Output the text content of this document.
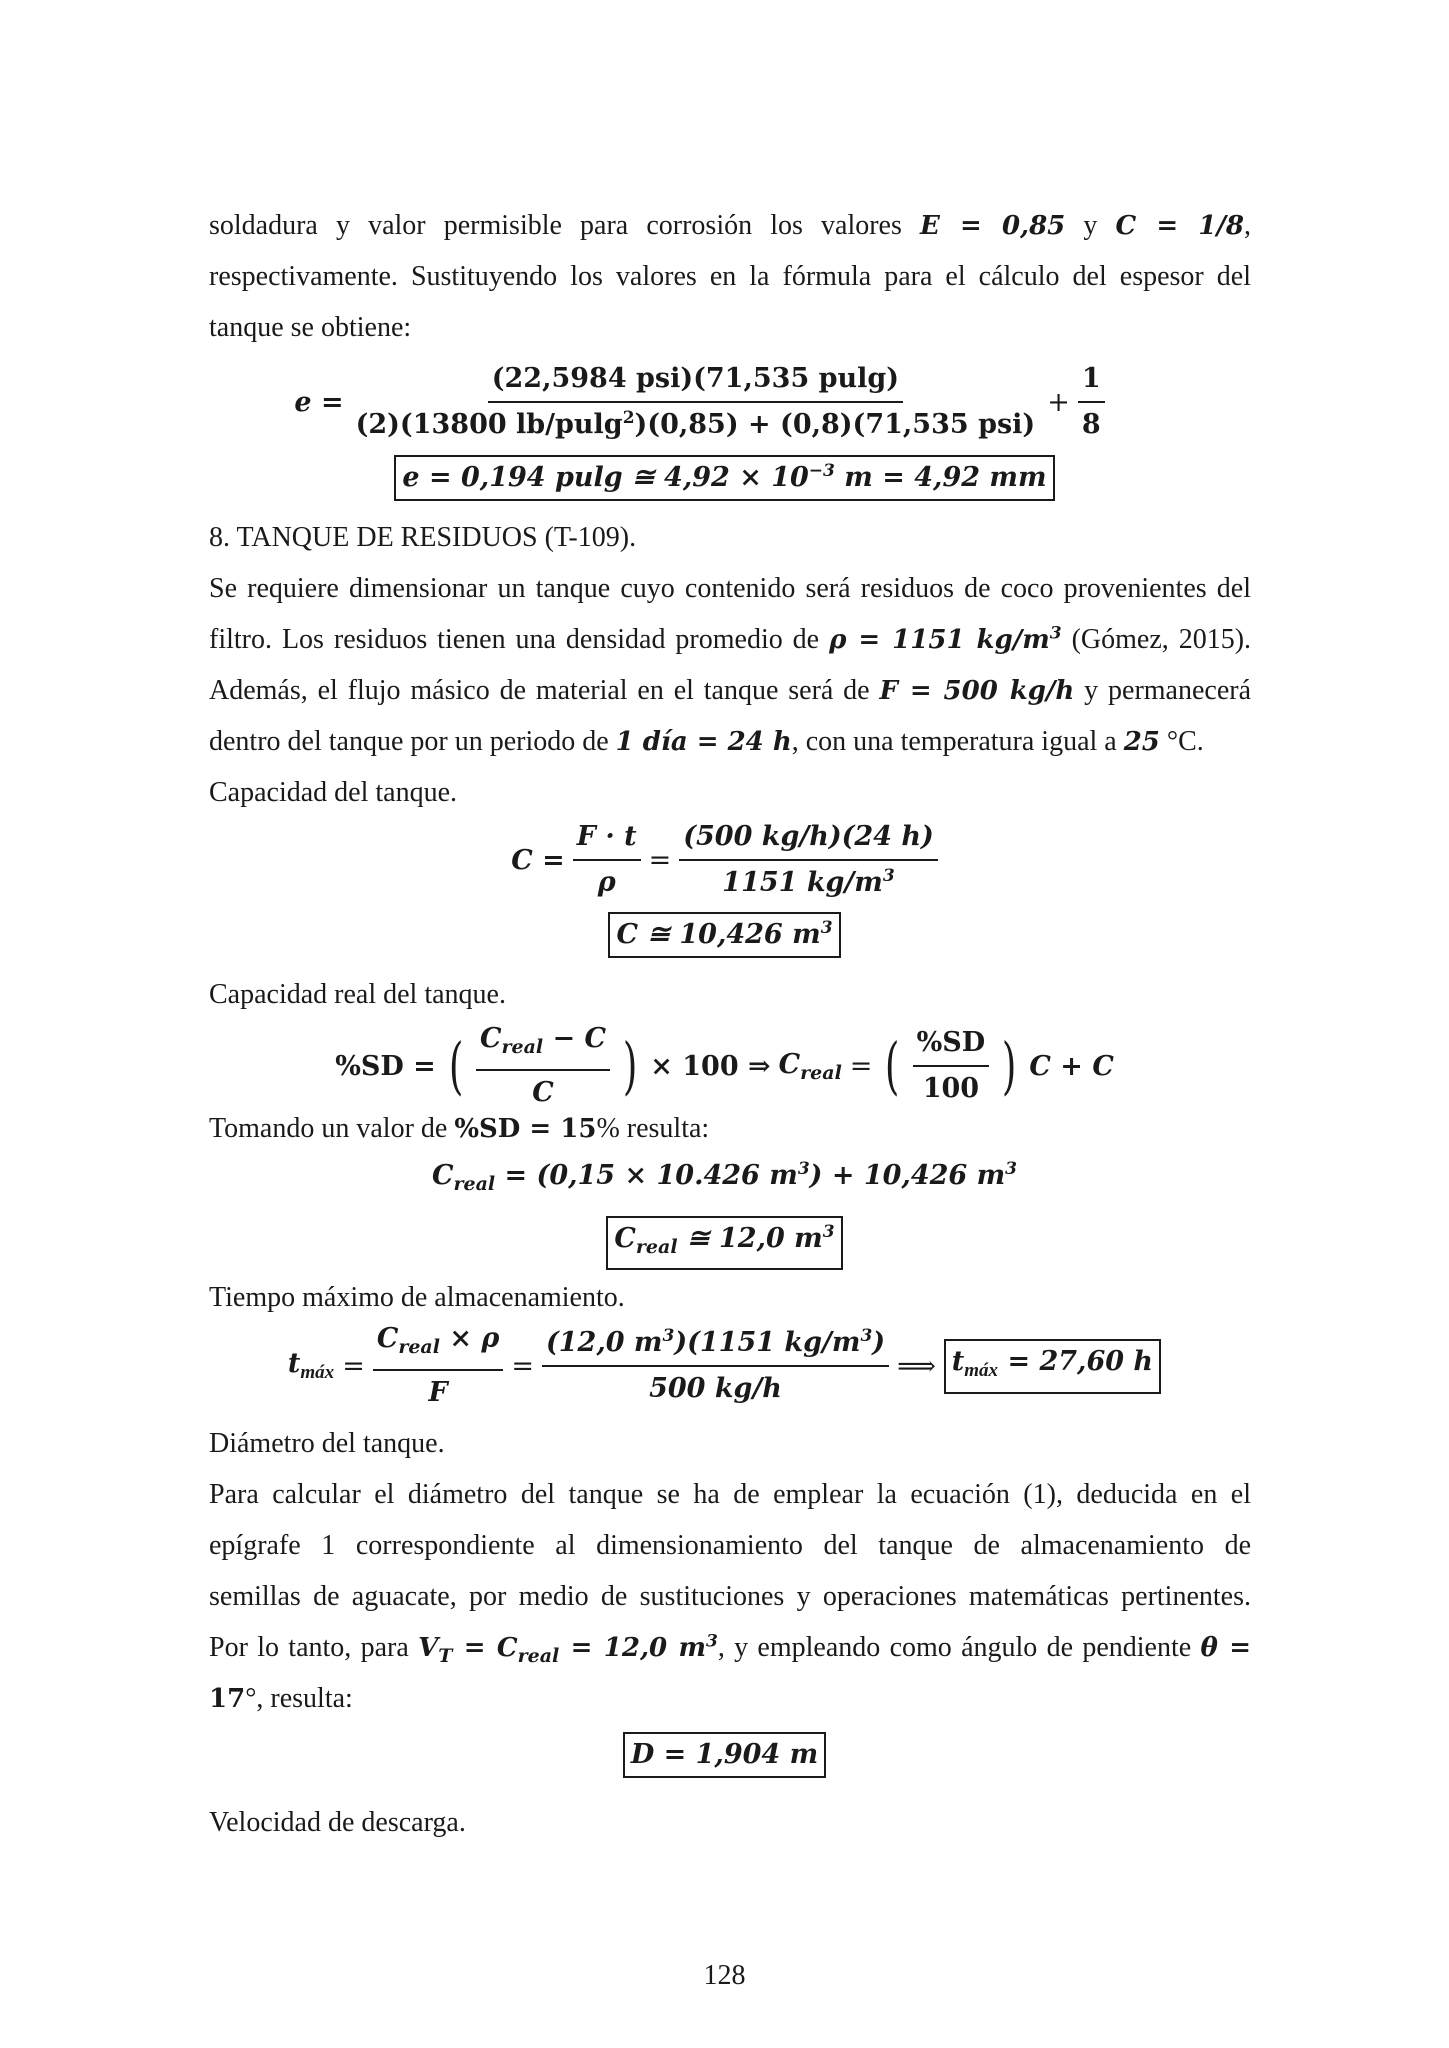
soldadura y valor permisible para corrosión los valores E = 0,85 y C = 1/8,
respectivamente. Sustituyendo los valores en la fórmula para el cálculo del espesor del
tanque se obtiene:
$e = \frac{\text{(22,5984 psi)(71,535 pulg)}}{(2)(13800 lb/pulg^2)(0,85) + (0,8)(71,535 psi)} + \frac{1}{8}$
e = 0,194 pulg ≅ $4,92 \times 10^{-3}$ m = 4,92 mm
8. TANQUE DE RESIDUOS (T-109).
Se requiere dimensionar un tanque cuyo contenido será residuos de coco provenientes del
filtro. Los residuos tienen una densidad promedio de ρ = 1151 $kg/m^3$ (Gómez, 2015).
Además, el flujo másico de material en el tanque será de F = 500 kg/h y permanecerá
dentro del tanque por un periodo de 1 día = 24 h, con una temperatura igual a 25 °C.
Capacidad del tanque.
$C = \frac{F \cdot t}{\rho} = \frac{(500 kg/h)(24 h)}{1151 kg/m^3}$
C ≅ 10,426 $m^3$
Capacidad real del tanque.
%SD = ( $\frac{C_{real} - C}{C}$ ) × 100 ⇒ $C_{real}$ = ( $\frac{\%SD}{100}$ ) C + C
Tomando un valor de %SD = 15% resulta:
$C_{real} = (0,15 \times 10.426$ $m^3) + 10,426$ $m^3$
$C_{real}$ ≅ 12,0 $m^3$
Tiempo máximo de almacenamiento.
$t_{máx} = \frac{C_{real} \times \rho}{F} = \frac{(12,0 m^3)(1151 kg/m^3)}{500 kg/h}$ ⟹ $t_{máx} = 27,60$ h
Diámetro del tanque.
Para calcular el diámetro del tanque se ha de emplear la ecuación (1), deducida en el
epígrafe 1 correspondiente al dimensionamiento del tanque de almacenamiento de
semillas de aguacate, por medio de sustituciones y operaciones matemáticas pertinentes.
Por lo tanto, para $V_T = C_{real} = 12,0$ $m^3$, y empleando como ángulo de pendiente θ =
17°, resulta:
D = 1,904 m
Velocidad de descarga.
128
